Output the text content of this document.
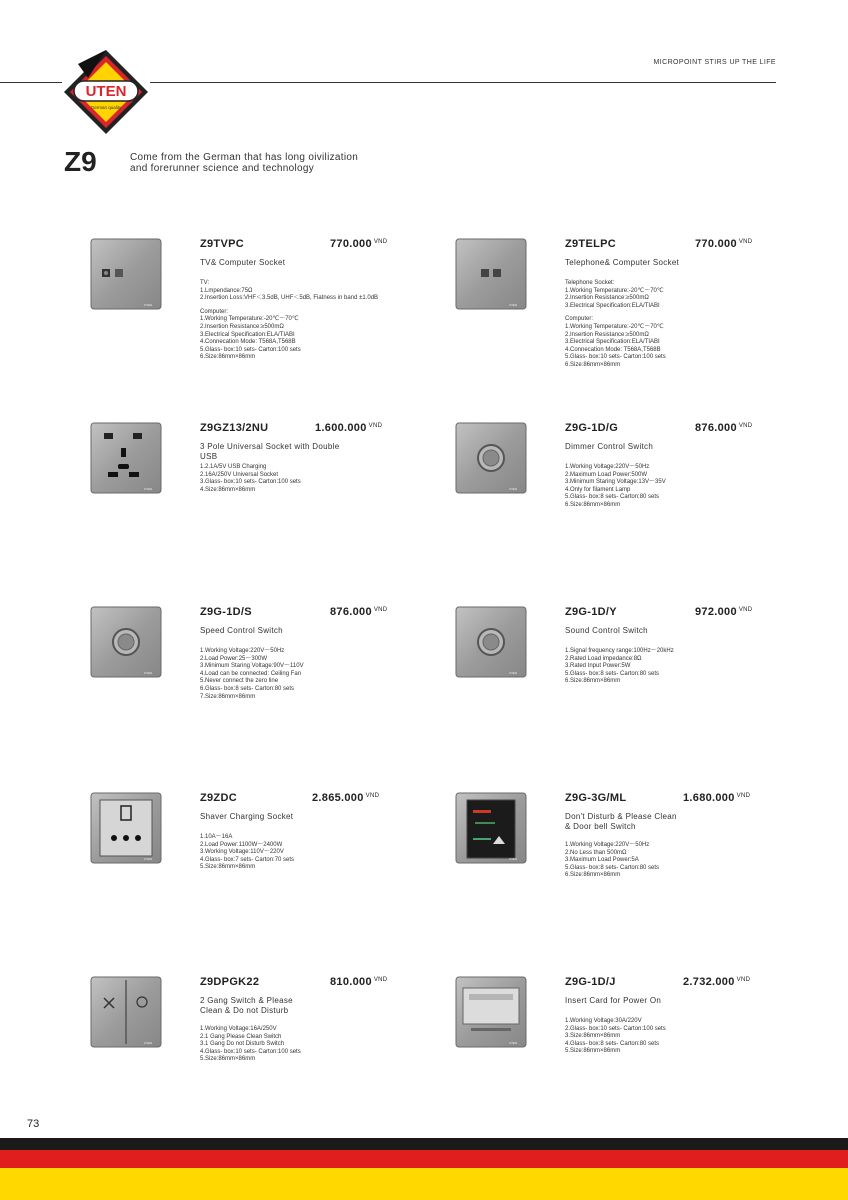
UTEN
German quality
MICROPOINT STIRS UP THE LIFE
Z9	Come from the German that has long oivilization
and forerunner science and technology
UTEN
Z9TVPC	770.000 $^{VND}$
TV& Computer Socket

TV:

1.Lmpendance:75Ω

2.Insertion Loss:VHF＜3.5dB, UHF＜5dB, Fiatness in band ±1.0dB

Computer:

1.Working Temperature:-20℃～70℃

2.Insertion Resistance:≥500mΩ

3.Electrical Specification:ELA/TIABI

4.Connecation Mode: T568A,T568B

5.Glass- box:10 sets- Carton:100 sets

6.Size:86mm×86mm

UTEN
Z9TELPC	770.000 $^{VND}$
Telephone& Computer Socket

Telephone Socket:

1.Working Temperature:-20℃～70℃

2.Insertion Resistance:≥500mΩ

3.Electrical Specification:ELA/TIABI

Computer:

1.Working Temperature:-20℃～70℃

2.Insertion Resistance:≥500mΩ

3.Electrical Specification:ELA/TIABI

4.Connecation Mode: T568A,T568B

5.Glass- box:10 sets- Carton:100 sets

6.Size:86mm×86mm

UTEN
Z9GZ13/2NU	1.600.000 $^{VND}$
3 Pole Universal Socket with Double USB

1.2.1A/5V USB Charging

2.16A/250V Universal Socket

3.Glass- box:10 sets- Carton:100 sets

4.Size:86mm×86mm	UTEN
Z9G-1D/G	876.000 $^{VND}$
Dimmer Control Switch

1.Working Voltage:220V～50Hz

2.Maximum Load Power:500W

3.Minimum Staring Voltage:13V～35V

4.Only for filament Lamp

5.Glass- box:8 sets- Carton:80 sets

6.Size:86mm×86mm

UTEN
Z9G-1D/S	876.000 $^{VND}$
Speed Control Switch

1.Working Voltage:220V～50Hz

2.Load Power:25～300W

3.Minimum Staring Voltage:90V～110V

4.Load can be connected: Ceiling Fan

5.Never connect the zero line

6.Glass- box:8 sets- Carton:80 sets

7.Size:86mm×86mm

UTEN
Z9G-1D/Y	972.000 $^{VND}$
Sound Control Switch

1.Signal frequency range:100Hz～20kHz

2.Rated Load impedance:8Ω

3.Rated Input Power:5W

5.Glass- box:8 sets- Carton:80 sets

6.Size:86mm×86mm

UTEN
Z9ZDC	2.865.000 $^{VND}$
Shaver Charging Socket

1.10A～16A

2.Load Power:1100W～2400W

3.Working Voltage:110V～220V

4.Glass- box:7 sets- Carton:70 sets

5.Size:86mm×86mm

UTEN
Z9G-3G/ML	1.680.000 $^{VND}$
Don't Disturb & Please Clean
& Door bell Switch

1.Working Voltage:220V～50Hz

2.No Less than 500mΩ

3.Maximum Load Power:5A

5.Glass- box:8 sets- Carton:80 sets

6.Size:86mm×86mm

UTEN
Z9DPGK22	810.000 $^{VND}$
2 Gang Switch & Please
Clean & Do not Disturb

1.Working Voltage:16A/250V

2.1 Gang Please Clean Switch

3.1 Gang Do not Disturb Switch

4.Glass- box:10 sets- Carton:100 sets

5.Size:86mm×86mm

UTEN
Z9G-1D/J	2.732.000 $^{VND}$
Insert Card for Power On

1.Working Voltage:30A/220V

2.Glass- box:10 sets- Carton:100 sets

3.Size:86mm×86mm

4.Glass- box:8 sets- Carton:80 sets

5.Size:86mm×86mm

73
